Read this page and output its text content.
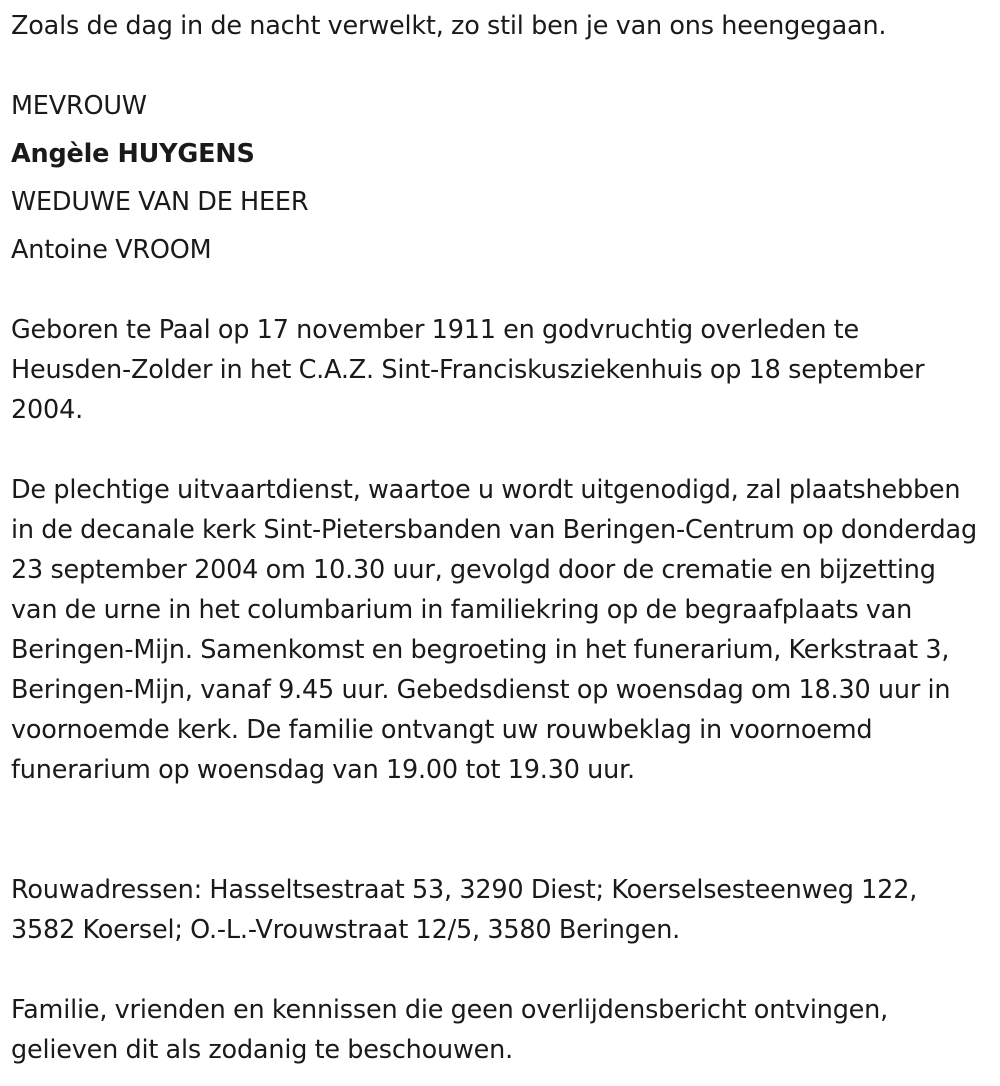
Zoals de dag in de nacht verwelkt, zo stil ben je van ons heengegaan.
MEVROUW
Angèle HUYGENS
WEDUWE VAN DE HEER
Antoine VROOM
Geboren te Paal op 17 november 1911 en godvruchtig overleden te Heusden-Zolder in het C.A.Z. Sint-Franciskusziekenhuis op 18 september 2004.
De plechtige uitvaartdienst, waartoe u wordt uitgenodigd, zal plaatshebben in de decanale kerk Sint-Pietersbanden van Beringen-Centrum op donderdag 23 september 2004 om 10.30 uur, gevolgd door de crematie en bijzetting van de urne in het columbarium in familiekring op de begraafplaats van Beringen-Mijn. Samenkomst en begroeting in het funerarium, Kerkstraat 3, Beringen-Mijn, vanaf 9.45 uur. Gebedsdienst op woensdag om 18.30 uur in voornoemde kerk. De familie ontvangt uw rouwbeklag in voornoemd funerarium op woensdag van 19.00 tot 19.30 uur.
Rouwadressen: Hasseltsestraat 53, 3290 Diest; Koerselsesteenweg 122, 3582 Koersel; O.-L.-Vrouwstraat 12/5, 3580 Beringen.
Familie, vrienden en kennissen die geen overlijdensbericht ontvingen, gelieven dit als zodanig te beschouwen.
